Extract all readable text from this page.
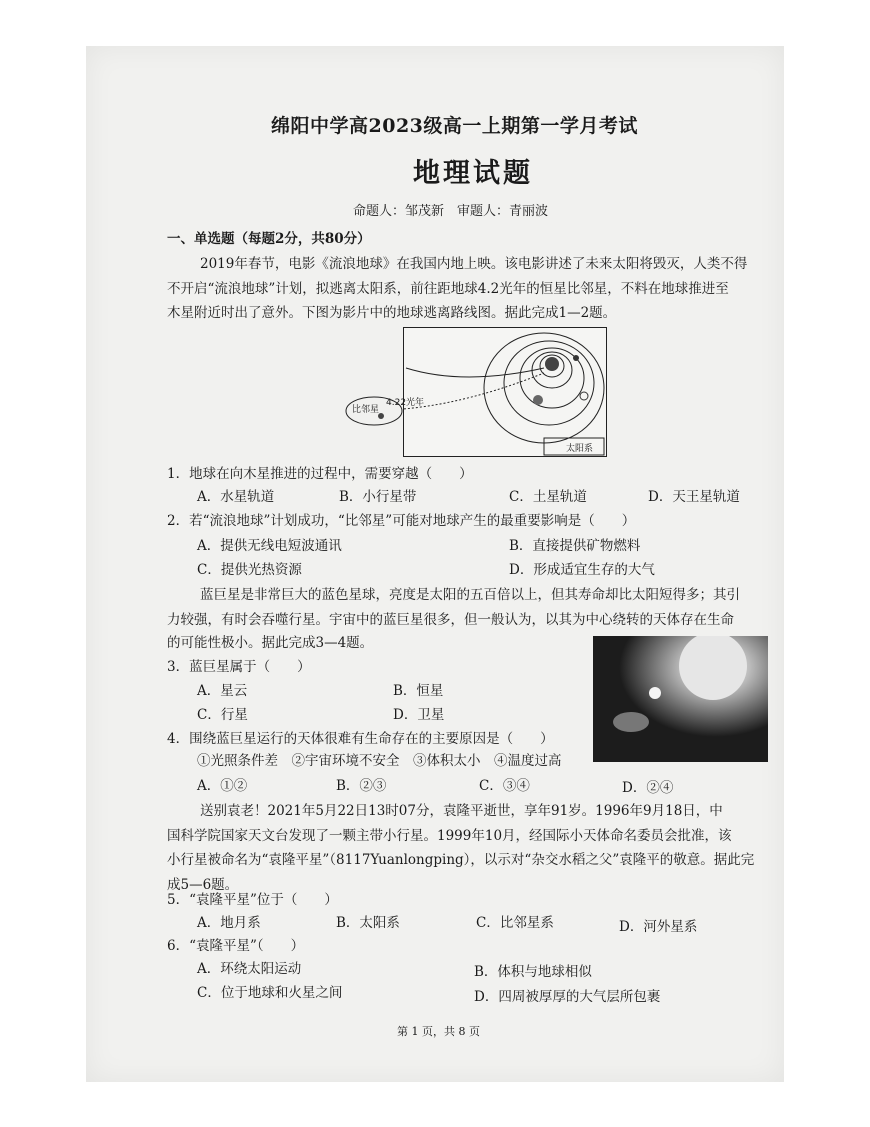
绵阳中学高2023级高一上期第一学月考试
地理试题
命题人：邹茂新　审题人：青丽波
一、单选题（每题2分，共80分）
2019年春节，电影《流浪地球》在我国内地上映。该电影讲述了未来太阳将毁灭，人类不得
不开启“流浪地球”计划，拟逃离太阳系，前往距地球4.2光年的恒星比邻星，不料在地球推进至
木星附近时出了意外。下图为影片中的地球逃离路线图。据此完成1—2题。
太阳系
比邻星
4.22光年
1．地球在向木星推进的过程中，需要穿越（　　）
A．水星轨道	B．小行星带	C．土星轨道	D．天王星轨道
2．若“流浪地球”计划成功，“比邻星”可能对地球产生的最重要影响是（　　）
A．提供无线电短波通讯	B．直接提供矿物燃料
C．提供光热资源	D．形成适宜生存的大气
蓝巨星是非常巨大的蓝色星球，亮度是太阳的五百倍以上，但其寿命却比太阳短得多；其引
力较强，有时会吞噬行星。宇宙中的蓝巨星很多，但一般认为，以其为中心绕转的天体存在生命
的可能性极小。据此完成3—4题。
3．蓝巨星属于（　　）
A．星云	B．恒星
C．行星	D．卫星
4．围绕蓝巨星运行的天体很难有生命存在的主要原因是（　　）
①光照条件差　②宇宙环境不安全　③体积太小　④温度过高
A．①②	B．②③	C．③④	D．②④
送别袁老！2021年5月22日13时07分，袁隆平逝世，享年91岁。1996年9月18日，中
国科学院国家天文台发现了一颗主带小行星。1999年10月，经国际小天体命名委员会批准，该
小行星被命名为“袁隆平星”（8117Yuanlongping），以示对“杂交水稻之父”袁隆平的敬意。据此完
成5—6题。
5．“袁隆平星”位于（　　）
A．地月系	B．太阳系	C．比邻星系	D．河外星系
6．“袁隆平星”（　　）
A．环绕太阳运动	B．体积与地球相似
C．位于地球和火星之间	D．四周被厚厚的大气层所包裹
第 1 页，共 8 页
